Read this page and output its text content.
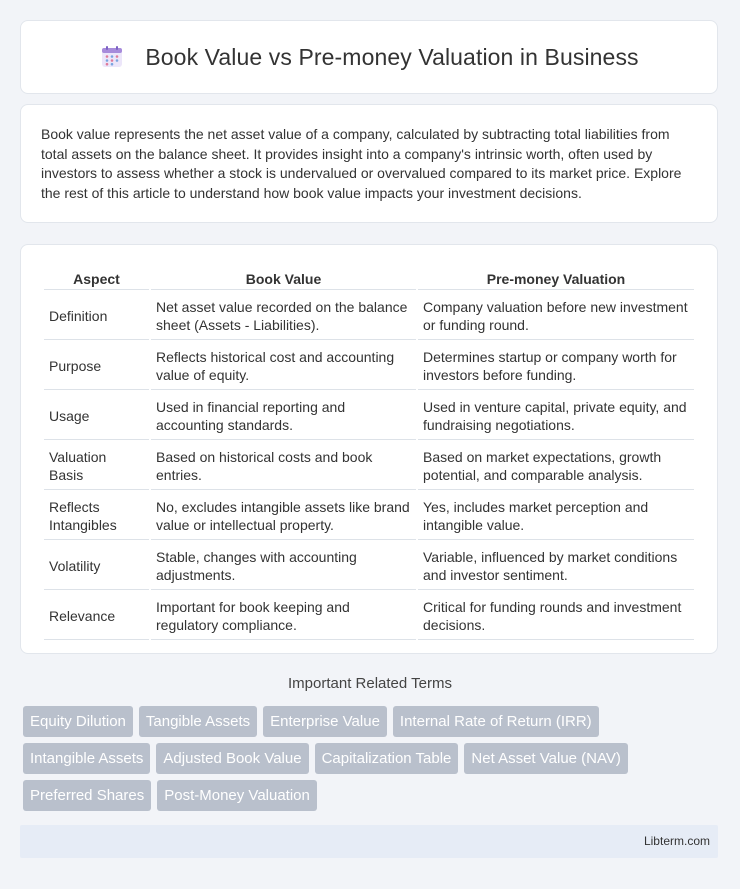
Book Value vs Pre-money Valuation in Business

Book value represents the net asset value of a company, calculated by subtracting total liabilities from total assets on the balance sheet. It provides insight into a company's intrinsic worth, often used by investors to assess whether a stock is undervalued or overvalued compared to its market price. Explore the rest of this article to understand how book value impacts your investment decisions.

Aspect	Book Value	Pre-money Valuation
Definition	Net asset value recorded on the balance sheet (Assets - Liabilities).	Company valuation before new investment or funding round.
Purpose	Reflects historical cost and accounting value of equity.	Determines startup or company worth for investors before funding.
Usage	Used in financial reporting and accounting standards.	Used in venture capital, private equity, and fundraising negotiations.
Valuation Basis	Based on historical costs and book entries.	Based on market expectations, growth potential, and comparable analysis.
Reflects Intangibles	No, excludes intangible assets like brand value or intellectual property.	Yes, includes market perception and intangible value.
Volatility	Stable, changes with accounting adjustments.	Variable, influenced by market conditions and investor sentiment.
Relevance	Important for book keeping and regulatory compliance.	Critical for funding rounds and investment decisions.
Important Related Terms
Equity Dilution	Tangible Assets	Enterprise Value	Internal Rate of Return (IRR)
Intangible Assets	Adjusted Book Value	Capitalization Table	Net Asset Value (NAV)
Preferred Shares	Post-Money Valuation
Libterm.com
